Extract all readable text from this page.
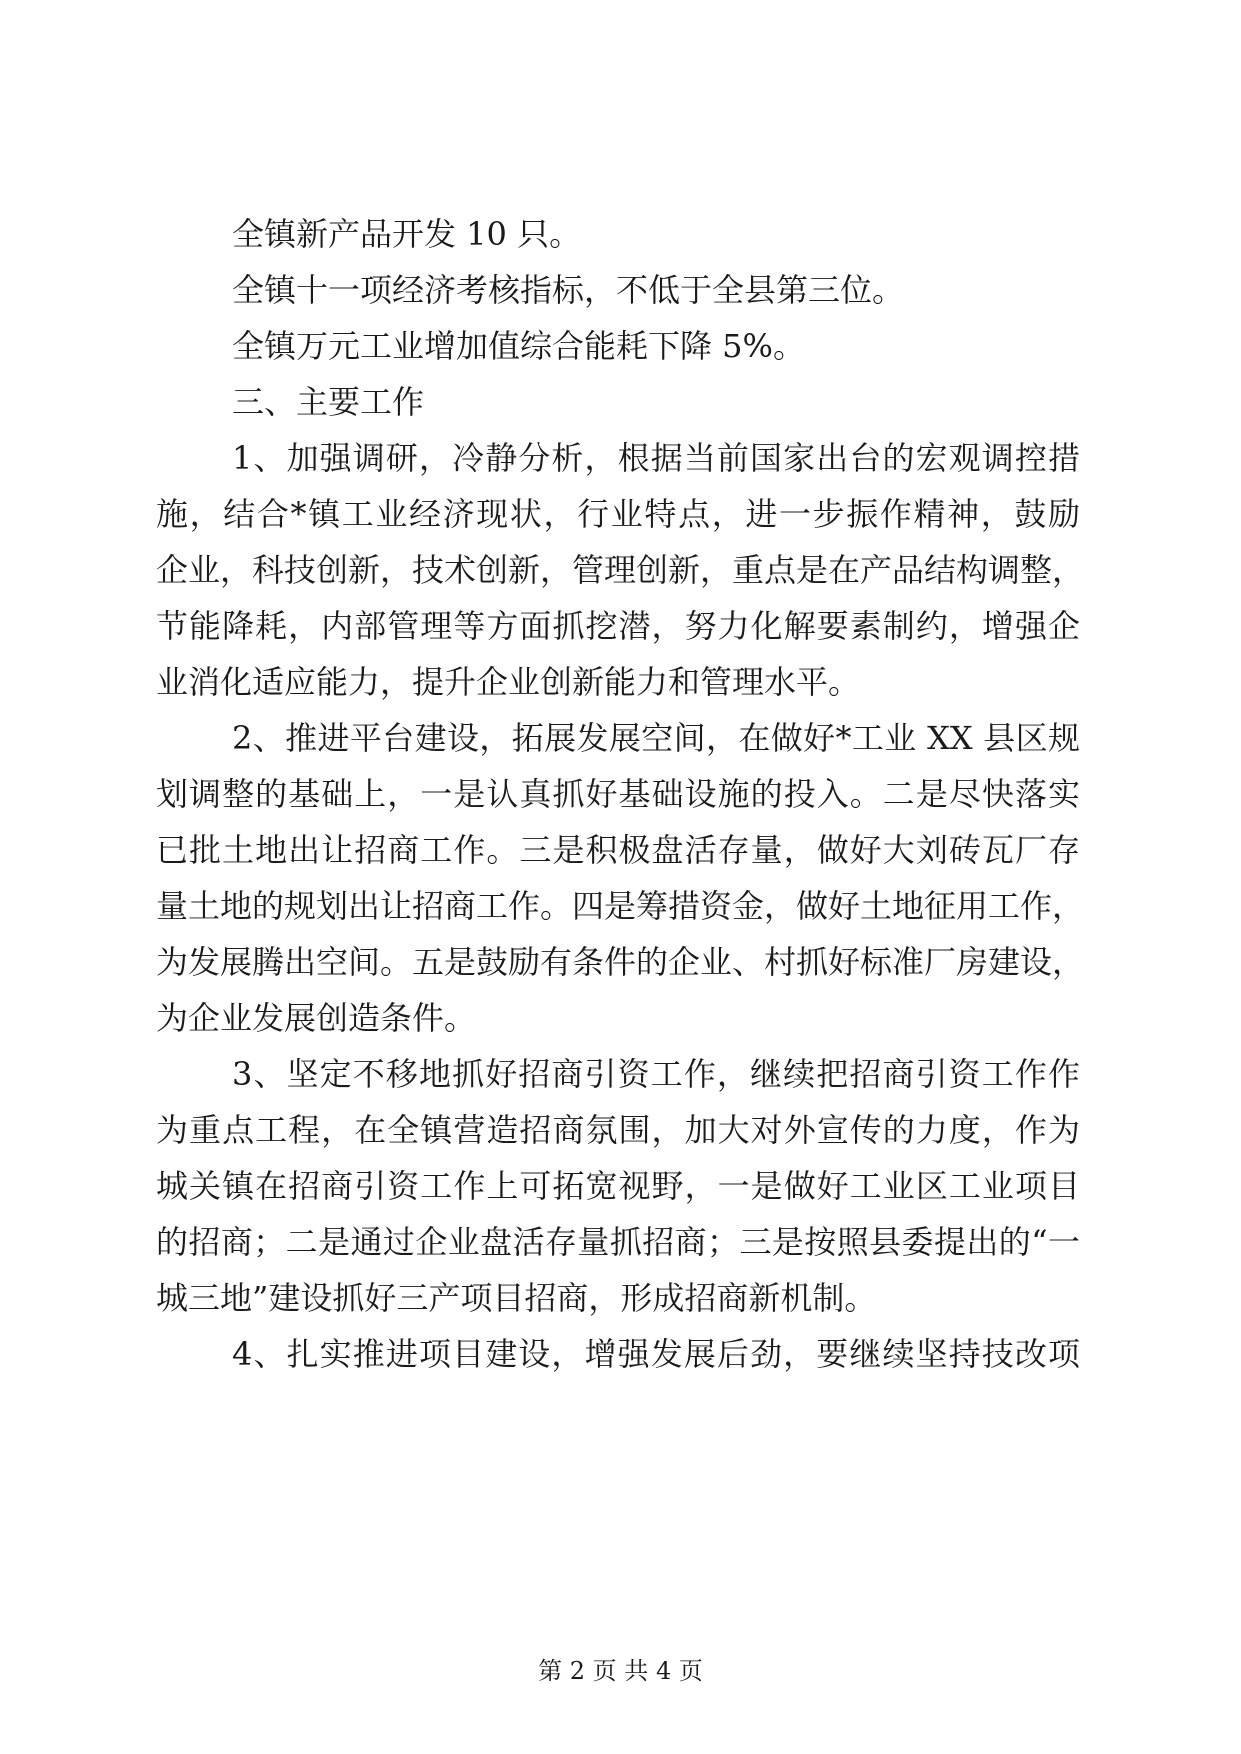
全镇新产品开发 10 只。
全镇十一项经济考核指标，不低于全县第三位。
全镇万元工业增加值综合能耗下降 5%。
三、主要工作
1、加强调研，冷静分析，根据当前国家出台的宏观调控措
施，结合*镇工业经济现状，行业特点，进一步振作精神，鼓励
企业，科技创新，技术创新，管理创新，重点是在产品结构调整，
节能降耗，内部管理等方面抓挖潜，努力化解要素制约，增强企
业消化适应能力，提升企业创新能力和管理水平。
2、推进平台建设，拓展发展空间，在做好*工业 XX 县区规
划调整的基础上，一是认真抓好基础设施的投入。二是尽快落实
已批土地出让招商工作。三是积极盘活存量，做好大刘砖瓦厂存
量土地的规划出让招商工作。四是筹措资金，做好土地征用工作，
为发展腾出空间。五是鼓励有条件的企业、村抓好标准厂房建设，
为企业发展创造条件。
3、坚定不移地抓好招商引资工作，继续把招商引资工作作
为重点工程，在全镇营造招商氛围，加大对外宣传的力度，作为
城关镇在招商引资工作上可拓宽视野，一是做好工业区工业项目
的招商；二是通过企业盘活存量抓招商；三是按照县委提出的“一
城三地”建设抓好三产项目招商，形成招商新机制。
4、扎实推进项目建设，增强发展后劲，要继续坚持技改项
第 2 页 共 4 页
